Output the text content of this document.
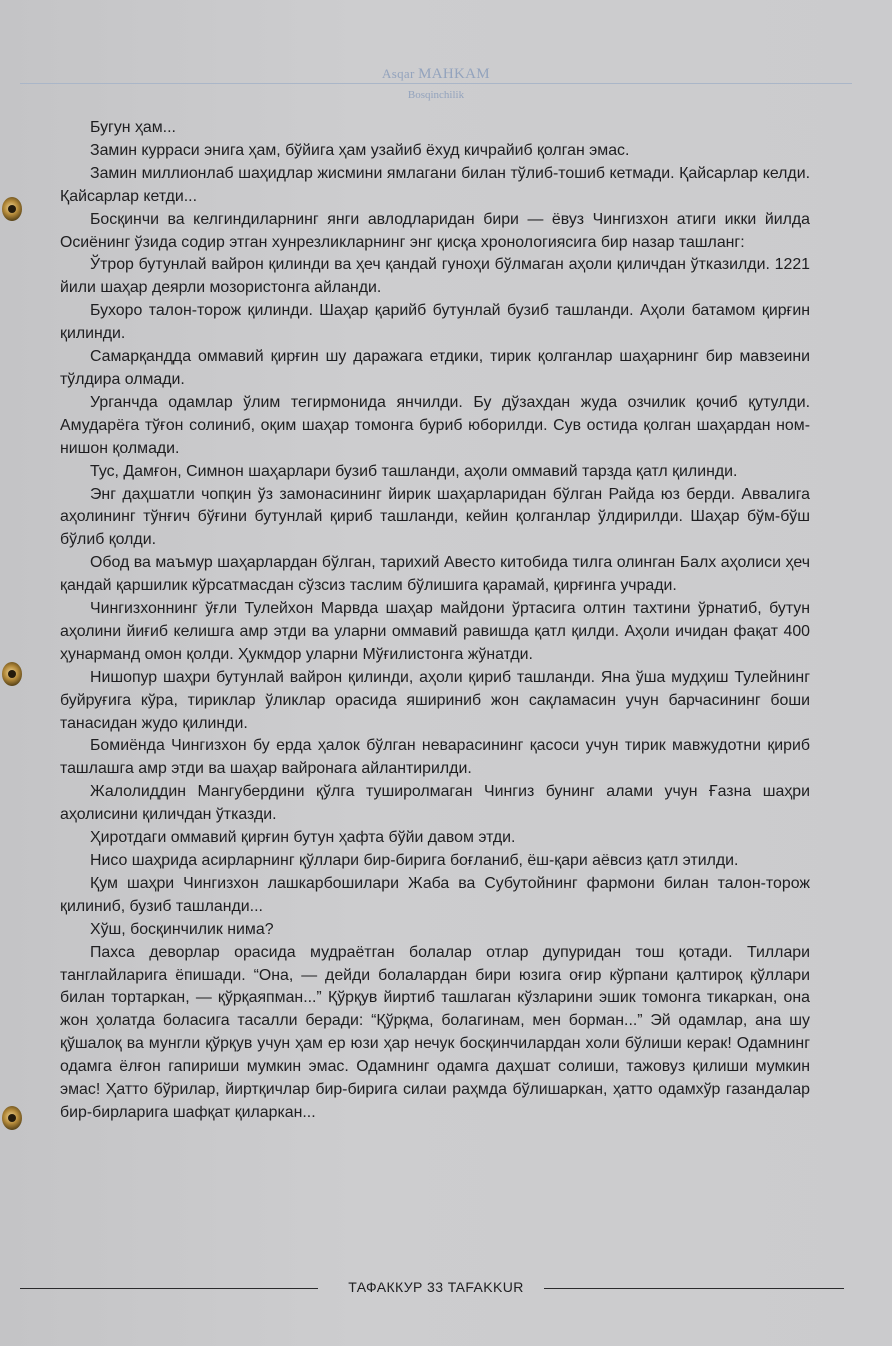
Asqar MAHKAM
Bosqinchilik

Бугун ҳам...

Замин курраси энига ҳам, бўйига ҳам узайиб ёхуд кичрайиб қолган эмас.

Замин миллионлаб шаҳидлар жисмини ямлагани билан тўлиб-тошиб кетмади. Қайсарлар келди. Қайсарлар кетди...

Босқинчи ва келгиндиларнинг янги авлодларидан бири — ёвуз Чингизхон атиги икки йилда Осиёнинг ўзида содир этган хунрезликларнинг энг қисқа хронологиясига бир назар ташланг:

Ўтрор бутунлай вайрон қилинди ва ҳеч қандай гуноҳи бўлмаган аҳоли қиличдан ўтказилди. 1221 йили шаҳар деярли мозористонга айланди.

Бухоро талон-торож қилинди. Шаҳар қарийб бутунлай бузиб ташланди. Аҳоли батамом қирғин қилинди.

Самарқандда оммавий қирғин шу даражага етдики, тирик қолганлар шаҳарнинг бир мавзеини тўлдира олмади.

Урганчда одамлар ўлим тегирмонида янчилди. Бу дўзахдан жуда озчилик қочиб қутулди. Амударёга тўғон солиниб, оқим шаҳар томонга буриб юборилди. Сув остида қолган шаҳардан ном-нишон қолмади.

Тус, Дамғон, Симнон шаҳарлари бузиб ташланди, аҳоли оммавий тарзда қатл қилинди.

Энг даҳшатли чопқин ўз замонасининг йирик шаҳарларидан бўлган Райда юз берди. Аввалига аҳолининг тўнғич бўғини бутунлай қириб ташланди, кейин қолганлар ўлдирилди. Шаҳар бўм-бўш бўлиб қолди.

Обод ва маъмур шаҳарлардан бўлган, тарихий Авесто китобида тилга олинган Балх аҳолиси ҳеч қандай қаршилик кўрсатмасдан сўзсиз таслим бўлишига қарамай, қирғинга учради.

Чингизхоннинг ўғли Тулейхон Марвда шаҳар майдони ўртасига олтин тахтини ўрнатиб, бутун аҳолини йиғиб келишга амр этди ва уларни оммавий равишда қатл қилди. Аҳоли ичидан фақат 400 ҳунарманд омон қолди. Ҳукмдор уларни Мўғилистонга жўнатди.

Нишопур шаҳри бутунлай вайрон қилинди, аҳоли қириб ташланди. Яна ўша мудҳиш Тулейнинг буйруғига кўра, тириклар ўликлар орасида яшириниб жон сақламасин учун барчасининг боши танасидан жудо қилинди.

Бомиёнда Чингизхон бу ерда ҳалок бўлган неварасининг қасоси учун тирик мавжудотни қириб ташлашга амр этди ва шаҳар вайронага айлантирилди.

Жалолиддин Мангубердини қўлга туширолмаган Чингиз бунинг алами учун Ғазна шаҳри аҳолисини қиличдан ўтказди.

Ҳиротдаги оммавий қирғин бутун ҳафта бўйи давом этди.

Нисо шаҳрида асирларнинг қўллари бир-бирига боғланиб, ёш-қари аёвсиз қатл этилди.

Қум шаҳри Чингизхон лашкарбошилари Жаба ва Субутойнинг фармони билан талон-торож қилиниб, бузиб ташланди...

Хўш, босқинчилик нима?

Пахса деворлар орасида мудраётган болалар отлар дупуридан тош қотади. Тиллари танглайларига ёпишади. “Она, — дейди болалардан бири юзига оғир кўрпани қалтироқ қўллари билан тортаркан, — қўрқаяпман...” Қўрқув йиртиб ташлаган кўзларини эшик томонга тикаркан, она жон ҳолатда боласига тасалли беради: “Қўрқма, болагинам, мен борман...” Эй одамлар, ана шу қўшалоқ ва мунгли қўрқув учун ҳам ер юзи ҳар нечук босқинчилардан холи бўлиши керак! Одамнинг одамга ёлғон гапириши мумкин эмас. Одамнинг одамга даҳшат солиши, тажовуз қилиши мумкин эмас! Ҳатто бўрилар, йиртқичлар бир-бирига силаи раҳмда бўлишаркан, ҳатто одамхўр газандалар бир-бирларига шафқат қиларкан...

ТАФАККУР 33 TAFAKKUR
